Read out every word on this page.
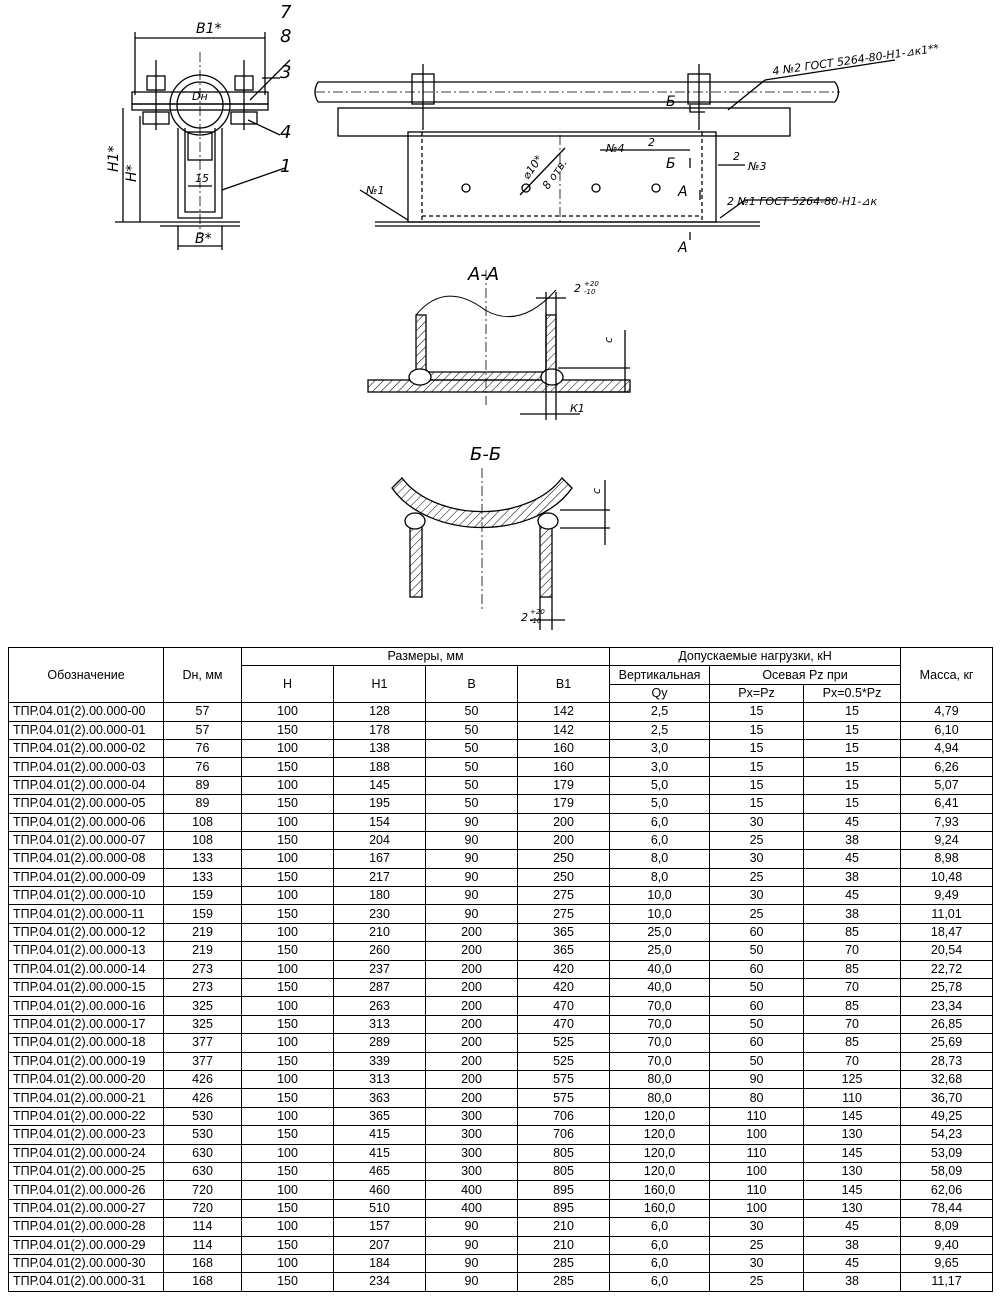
B1*
7
8
3
4
1
Dн
H1*
H*	15
B*
4 №2 ГОСТ 5264-80-Н1-⊿к1**
2 №1 ГОСТ 5264-80-Н1-⊿к
⌀10*
8 отв.
Б
Б
А
А
№1
№4
№3
2
2
А-А
2 +20
-10
с
К1
Б-Б
2 +20
-10
с
Обозначение	Dн, мм	Размеры, мм				Допускаемые нагрузки, кН			Масса, кг
		H	H1	B	B1	Вертикальная	Осевая Pz при		
						Qy	Px=Pz	Px=0.5*Pz	
ТПР.04.01(2).00.000-00	57	100	128	50	142	2,5	15	15	4,79
ТПР.04.01(2).00.000-01	57	150	178	50	142	2,5	15	15	6,10
ТПР.04.01(2).00.000-02	76	100	138	50	160	3,0	15	15	4,94
ТПР.04.01(2).00.000-03	76	150	188	50	160	3,0	15	15	6,26
ТПР.04.01(2).00.000-04	89	100	145	50	179	5,0	15	15	5,07
ТПР.04.01(2).00.000-05	89	150	195	50	179	5,0	15	15	6,41
ТПР.04.01(2).00.000-06	108	100	154	90	200	6,0	30	45	7,93
ТПР.04.01(2).00.000-07	108	150	204	90	200	6,0	25	38	9,24
ТПР.04.01(2).00.000-08	133	100	167	90	250	8,0	30	45	8,98
ТПР.04.01(2).00.000-09	133	150	217	90	250	8,0	25	38	10,48
ТПР.04.01(2).00.000-10	159	100	180	90	275	10,0	30	45	9,49
ТПР.04.01(2).00.000-11	159	150	230	90	275	10,0	25	38	11,01
ТПР.04.01(2).00.000-12	219	100	210	200	365	25,0	60	85	18,47
ТПР.04.01(2).00.000-13	219	150	260	200	365	25,0	50	70	20,54
ТПР.04.01(2).00.000-14	273	100	237	200	420	40,0	60	85	22,72
ТПР.04.01(2).00.000-15	273	150	287	200	420	40,0	50	70	25,78
ТПР.04.01(2).00.000-16	325	100	263	200	470	70,0	60	85	23,34
ТПР.04.01(2).00.000-17	325	150	313	200	470	70,0	50	70	26,85
ТПР.04.01(2).00.000-18	377	100	289	200	525	70,0	60	85	25,69
ТПР.04.01(2).00.000-19	377	150	339	200	525	70,0	50	70	28,73
ТПР.04.01(2).00.000-20	426	100	313	200	575	80,0	90	125	32,68
ТПР.04.01(2).00.000-21	426	150	363	200	575	80,0	80	110	36,70
ТПР.04.01(2).00.000-22	530	100	365	300	706	120,0	110	145	49,25
ТПР.04.01(2).00.000-23	530	150	415	300	706	120,0	100	130	54,23
ТПР.04.01(2).00.000-24	630	100	415	300	805	120,0	110	145	53,09
ТПР.04.01(2).00.000-25	630	150	465	300	805	120,0	100	130	58,09
ТПР.04.01(2).00.000-26	720	100	460	400	895	160,0	110	145	62,06
ТПР.04.01(2).00.000-27	720	150	510	400	895	160,0	100	130	78,44
ТПР.04.01(2).00.000-28	114	100	157	90	210	6,0	30	45	8,09
ТПР.04.01(2).00.000-29	114	150	207	90	210	6,0	25	38	9,40
ТПР.04.01(2).00.000-30	168	100	184	90	285	6,0	30	45	9,65
ТПР.04.01(2).00.000-31	168	150	234	90	285	6,0	25	38	11,17
